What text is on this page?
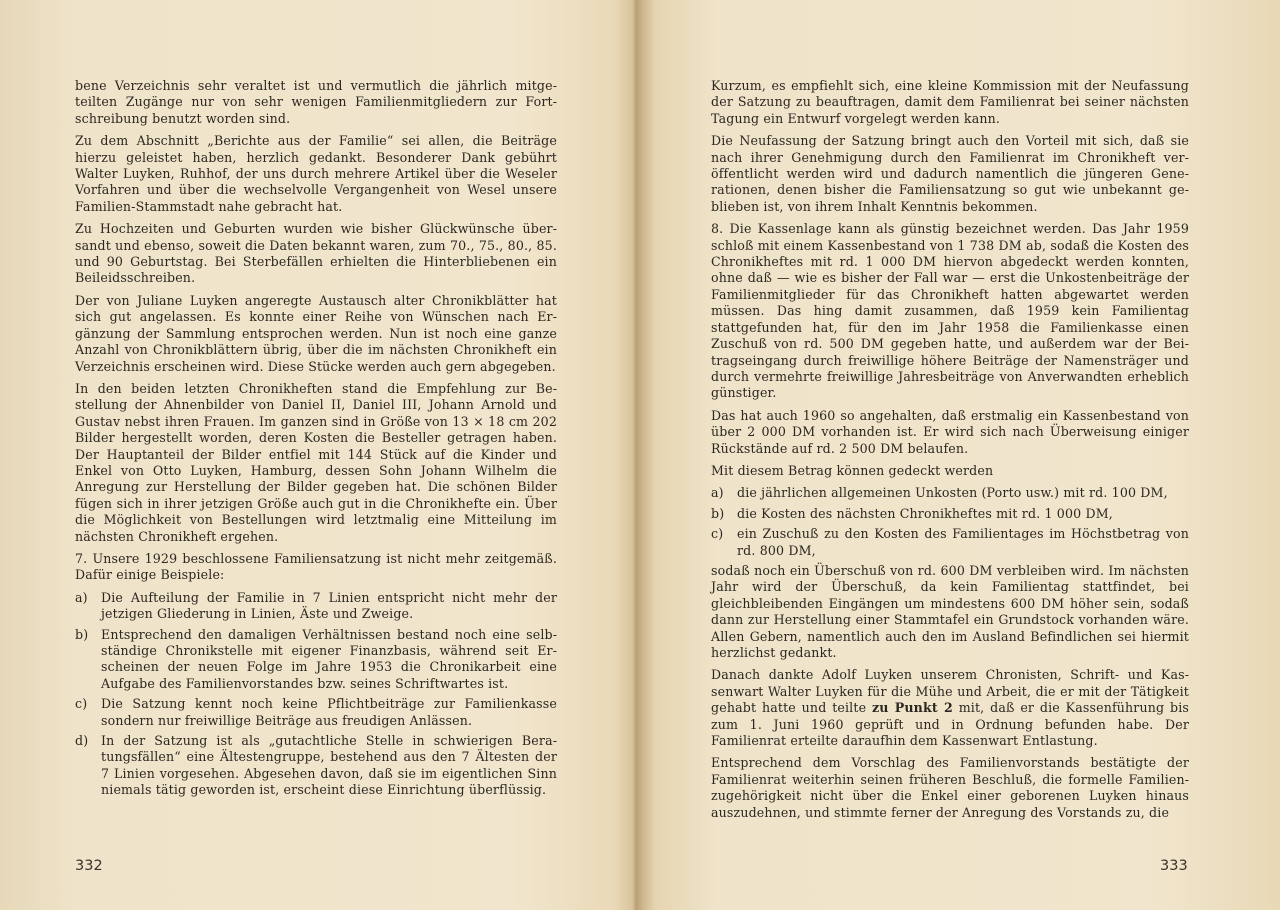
bene Verzeichnis sehr veraltet ist und vermutlich die jährlich mitgeteilten Zugänge nur von sehr wenigen Familienmitgliedern zur Fortschreibung benutzt worden sind.

Zu dem Abschnitt „Berichte aus der Familie“ sei allen, die Beiträge hierzu geleistet haben, herzlich gedankt. Besonderer Dank gebührt Walter Luyken, Ruhhof, der uns durch mehrere Artikel über die Weseler Vorfahren und über die wechselvolle Vergangenheit von Wesel unsere Familien-Stammstadt nahe gebracht hat.

Zu Hochzeiten und Geburten wurden wie bisher Glückwünsche übersandt und ebenso, soweit die Daten bekannt waren, zum 70., 75., 80., 85. und 90 Geburtstag. Bei Sterbefällen erhielten die Hinterbliebenen ein Beileidsschreiben.

Der von Juliane Luyken angeregte Austausch alter Chronikblätter hat sich gut angelassen. Es konnte einer Reihe von Wünschen nach Ergänzung der Sammlung entsprochen werden. Nun ist noch eine ganze Anzahl von Chronikblättern übrig, über die im nächsten Chronikheft ein Verzeichnis erscheinen wird. Diese Stücke werden auch gern abgegeben.

In den beiden letzten Chronikheften stand die Empfehlung zur Bestellung der Ahnenbilder von Daniel II, Daniel III, Johann Arnold und Gustav nebst ihren Frauen. Im ganzen sind in Größe von 13 × 18 cm 202 Bilder hergestellt worden, deren Kosten die Besteller getragen haben. Der Hauptanteil der Bilder entfiel mit 144 Stück auf die Kinder und Enkel von Otto Luyken, Hamburg, dessen Sohn Johann Wilhelm die Anregung zur Herstellung der Bilder gegeben hat. Die schönen Bilder fügen sich in ihrer jetzigen Größe auch gut in die Chronikhefte ein. Über die Möglichkeit von Bestellungen wird letztmalig eine Mitteilung im nächsten Chronikheft ergehen.

7. Unsere 1929 beschlossene Familiensatzung ist nicht mehr zeitgemäß. Dafür einige Beispiele:

a)	Die Aufteilung der Familie in 7 Linien entspricht nicht mehr der jetzigen Gliederung in Linien, Äste und Zweige.
b)	Entsprechend den damaligen Verhältnissen bestand noch eine selbständige Chronikstelle mit eigener Finanzbasis, während seit Erscheinen der neuen Folge im Jahre 1953 die Chronikarbeit eine Aufgabe des Familienvorstandes bzw. seines Schriftwartes ist.
c)	Die Satzung kennt noch keine Pflichtbeiträge zur Familienkasse sondern nur freiwillige Beiträge aus freudigen Anlässen.
d)	In der Satzung ist als „gutachtliche Stelle in schwierigen Beratungsfällen“ eine Ältestengruppe, bestehend aus den 7 Ältesten der 7 Linien vorgesehen. Abgesehen davon, daß sie im eigentlichen Sinn niemals tätig geworden ist, erscheint diese Einrichtung überflüssig.
332

Kurzum, es empfiehlt sich, eine kleine Kommission mit der Neufassung der Satzung zu beauftragen, damit dem Familienrat bei seiner nächsten Tagung ein Entwurf vorgelegt werden kann.

Die Neufassung der Satzung bringt auch den Vorteil mit sich, daß sie nach ihrer Genehmigung durch den Familienrat im Chronikheft veröffentlicht werden wird und dadurch namentlich die jüngeren Generationen, denen bisher die Familiensatzung so gut wie unbekannt geblieben ist, von ihrem Inhalt Kenntnis bekommen.

8. Die Kassenlage kann als günstig bezeichnet werden. Das Jahr 1959 schloß mit einem Kassenbestand von 1 738 DM ab, sodaß die Kosten des Chronikheftes mit rd. 1 000 DM hiervon abgedeckt werden konnten, ohne daß — wie es bisher der Fall war — erst die Unkostenbeiträge der Familienmitglieder für das Chronikheft hatten abgewartet werden müssen. Das hing damit zusammen, daß 1959 kein Familientag stattgefunden hat, für den im Jahr 1958 die Familienkasse einen Zuschuß von rd. 500 DM gegeben hatte, und außerdem war der Beitragseingang durch freiwillige höhere Beiträge der Namensträger und durch vermehrte freiwillige Jahresbeiträge von Anverwandten erheblich günstiger.

Das hat auch 1960 so angehalten, daß erstmalig ein Kassenbestand von über 2 000 DM vorhanden ist. Er wird sich nach Überweisung einiger Rückstände auf rd. 2 500 DM belaufen.

Mit diesem Betrag können gedeckt werden

a)	die jährlichen allgemeinen Unkosten (Porto usw.) mit rd. 100 DM,
b)	die Kosten des nächsten Chronikheftes mit rd. 1 000 DM,
c)	ein Zuschuß zu den Kosten des Familientages im Höchstbetrag von rd. 800 DM,

sodaß noch ein Überschuß von rd. 600 DM verbleiben wird. Im nächsten Jahr wird der Überschuß, da kein Familientag stattfindet, bei gleichbleibenden Eingängen um mindestens 600 DM höher sein, sodaß dann zur Herstellung einer Stammtafel ein Grundstock vorhanden wäre. Allen Gebern, namentlich auch den im Ausland Befindlichen sei hiermit herzlichst gedankt.

Danach dankte Adolf Luyken unserem Chronisten, Schrift- und Kassenwart Walter Luyken für die Mühe und Arbeit, die er mit der Tätigkeit gehabt hatte und teilte zu Punkt 2 mit, daß er die Kassenführung bis zum 1. Juni 1960 geprüft und in Ordnung befunden habe. Der Familienrat erteilte daraufhin dem Kassenwart Entlastung.

Entsprechend dem Vorschlag des Familienvorstands bestätigte der Familienrat weiterhin seinen früheren Beschluß, die formelle Familienzugehörigkeit nicht über die Enkel einer geborenen Luyken hinaus auszudehnen, und stimmte ferner der Anregung des Vorstands zu, die

333
